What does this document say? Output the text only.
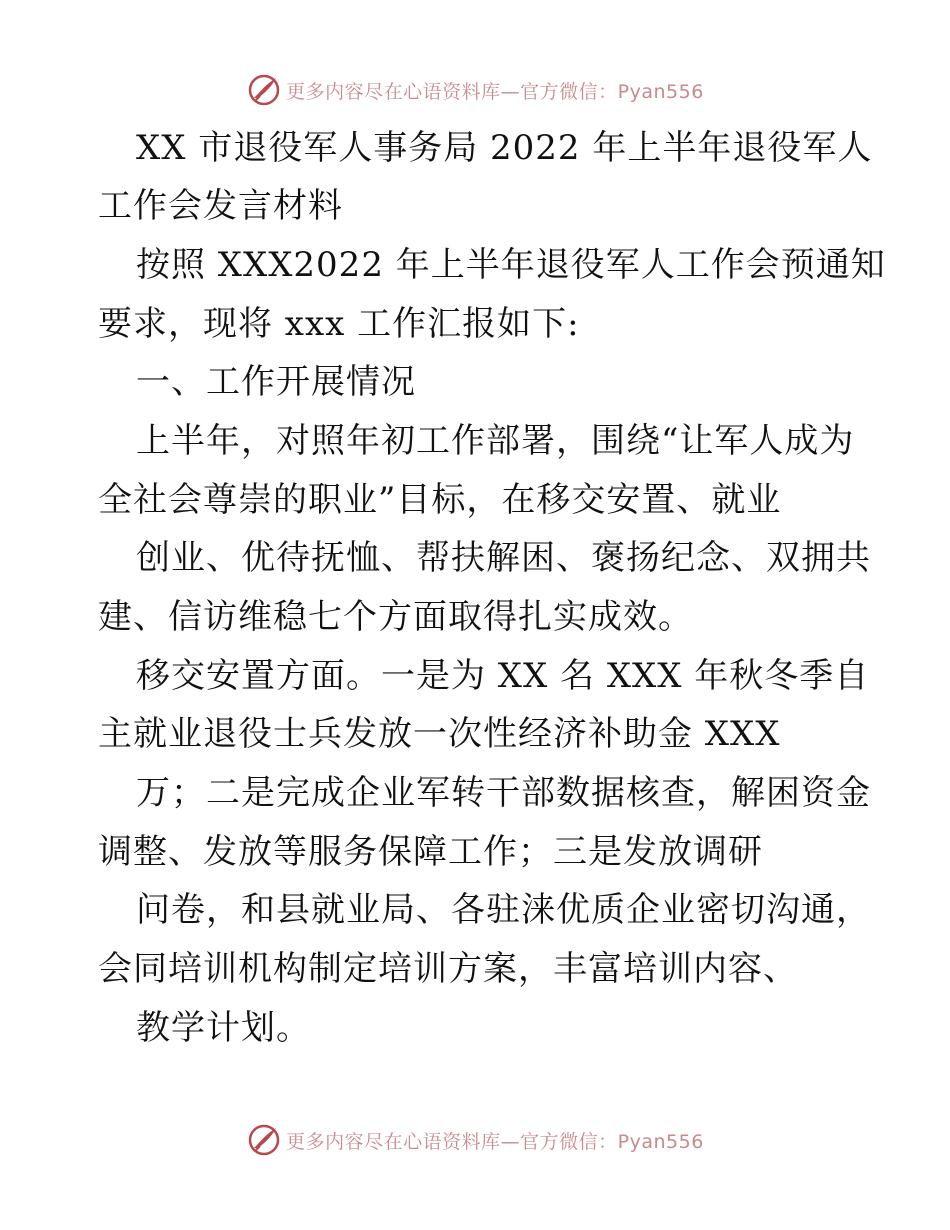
更多内容尽在心语资料库—官方微信：Pyan556
XX 市退役军人事务局 2022 年上半年退役军人
工作会发言材料
按照 XXX2022 年上半年退役军人工作会预通知
要求，现将 xxx 工作汇报如下:
一、工作开展情况
上半年，对照年初工作部署，围绕“让军人成为
全社会尊崇的职业”目标，在移交安置、就业
创业、优待抚恤、帮扶解困、褒扬纪念、双拥共
建、信访维稳七个方面取得扎实成效。
移交安置方面。一是为 XX 名 XXX 年秋冬季自
主就业退役士兵发放一次性经济补助金 XXX
万；二是完成企业军转干部数据核查，解困资金
调整、发放等服务保障工作；三是发放调研
问卷，和县就业局、各驻涞优质企业密切沟通，
会同培训机构制定培训方案，丰富培训内容、
教学计划。
更多内容尽在心语资料库—官方微信：Pyan556
